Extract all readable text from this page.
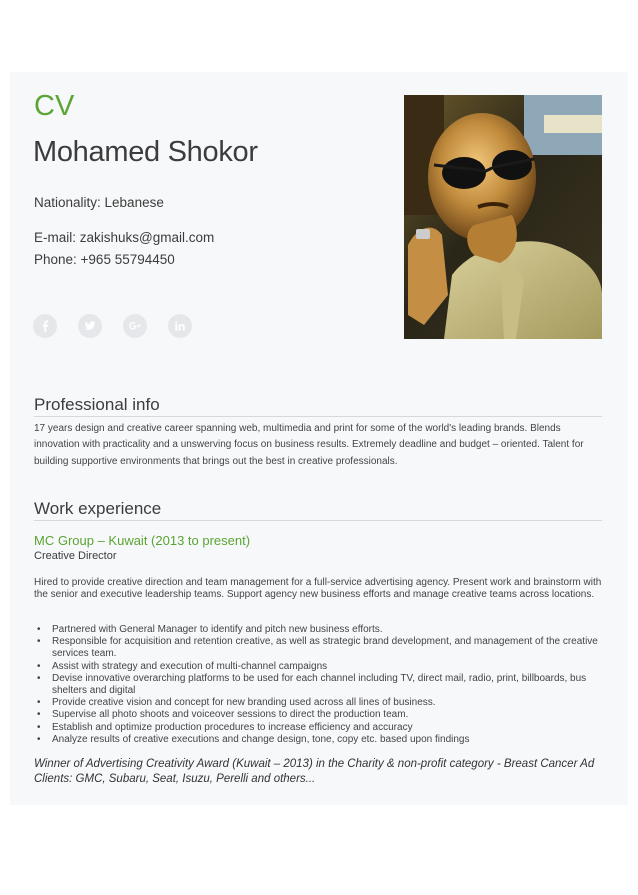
CV
Mohamed Shokor
Nationality: Lebanese
E-mail: zakishuks@gmail.com
Phone: +965 55794450
Professional info
17 years design and creative career spanning web, multimedia and print for some of the world's leading brands. Blends innovation with practicality and a unswerving focus on business results. Extremely deadline and budget – oriented. Talent for building supportive environments that brings out the best in creative professionals.
Work experience
MC Group – Kuwait (2013 to present)
Creative Director
Hired to provide creative direction and team management for a full-service advertising agency. Present work and brainstorm with the senior and executive leadership teams. Support agency new business efforts and manage creative teams across locations.
• Partnered with General Manager to identify and pitch new business efforts.
• Responsible for acquisition and retention creative, as well as strategic brand development, and management of the creative services team.
• Assist with strategy and execution of multi-channel campaigns
• Devise innovative overarching platforms to be used for each channel including TV, direct mail, radio, print, billboards, bus shelters and digital
• Provide creative vision and concept for new branding used across all lines of business.
• Supervise all photo shoots and voiceover sessions to direct the production team.
• Establish and optimize production procedures to increase efficiency and accuracy
• Analyze results of creative executions and change design, tone, copy etc. based upon findings
Winner of Advertising Creativity Award (Kuwait – 2013) in the Charity & non-profit category - Breast Cancer Ad
Clients: GMC, Subaru, Seat, Isuzu, Perelli and others...
